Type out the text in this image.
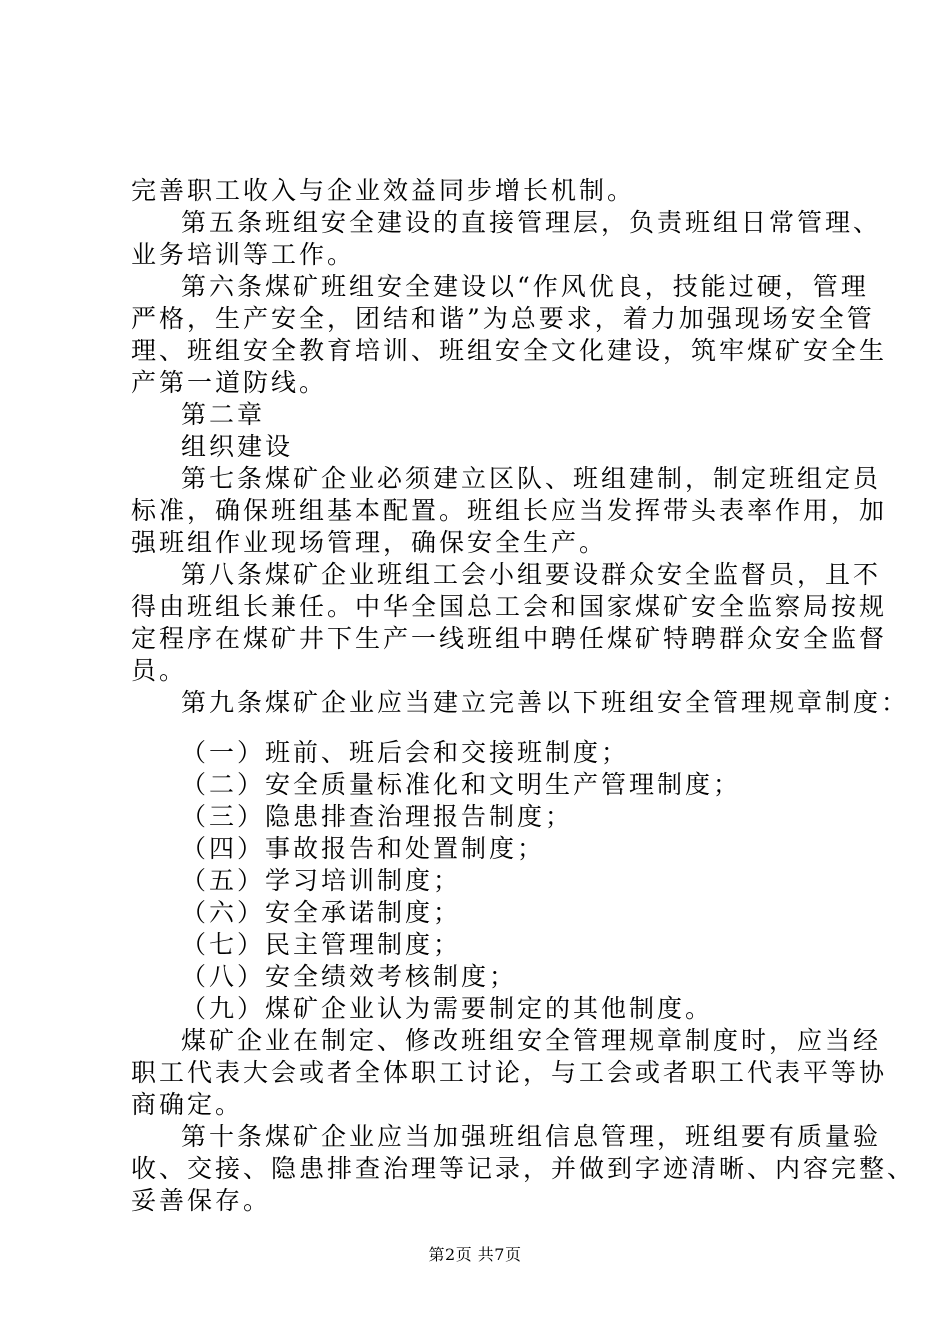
完善职工收入与企业效益同步增长机制。
第五条班组安全建设的直接管理层，负责班组日常管理、
业务培训等工作。
第六条煤矿班组安全建设以“作风优良，技能过硬，管理
严格，生产安全，团结和谐”为总要求，着力加强现场安全管
理、班组安全教育培训、班组安全文化建设，筑牢煤矿安全生
产第一道防线。
第二章
组织建设
第七条煤矿企业必须建立区队、班组建制，制定班组定员
标准，确保班组基本配置。班组长应当发挥带头表率作用，加
强班组作业现场管理，确保安全生产。
第八条煤矿企业班组工会小组要设群众安全监督员，且不
得由班组长兼任。中华全国总工会和国家煤矿安全监察局按规
定程序在煤矿井下生产一线班组中聘任煤矿特聘群众安全监督
员。
第九条煤矿企业应当建立完善以下班组安全管理规章制度：
（一）班前、班后会和交接班制度；
（二）安全质量标准化和文明生产管理制度；
（三）隐患排查治理报告制度；
（四）事故报告和处置制度；
（五）学习培训制度；
（六）安全承诺制度；
（七）民主管理制度；
（八）安全绩效考核制度；
（九）煤矿企业认为需要制定的其他制度。
煤矿企业在制定、修改班组安全管理规章制度时，应当经
职工代表大会或者全体职工讨论，与工会或者职工代表平等协
商确定。
第十条煤矿企业应当加强班组信息管理，班组要有质量验
收、交接、隐患排查治理等记录，并做到字迹清晰、内容完整、
妥善保存。
第2页 共7页
